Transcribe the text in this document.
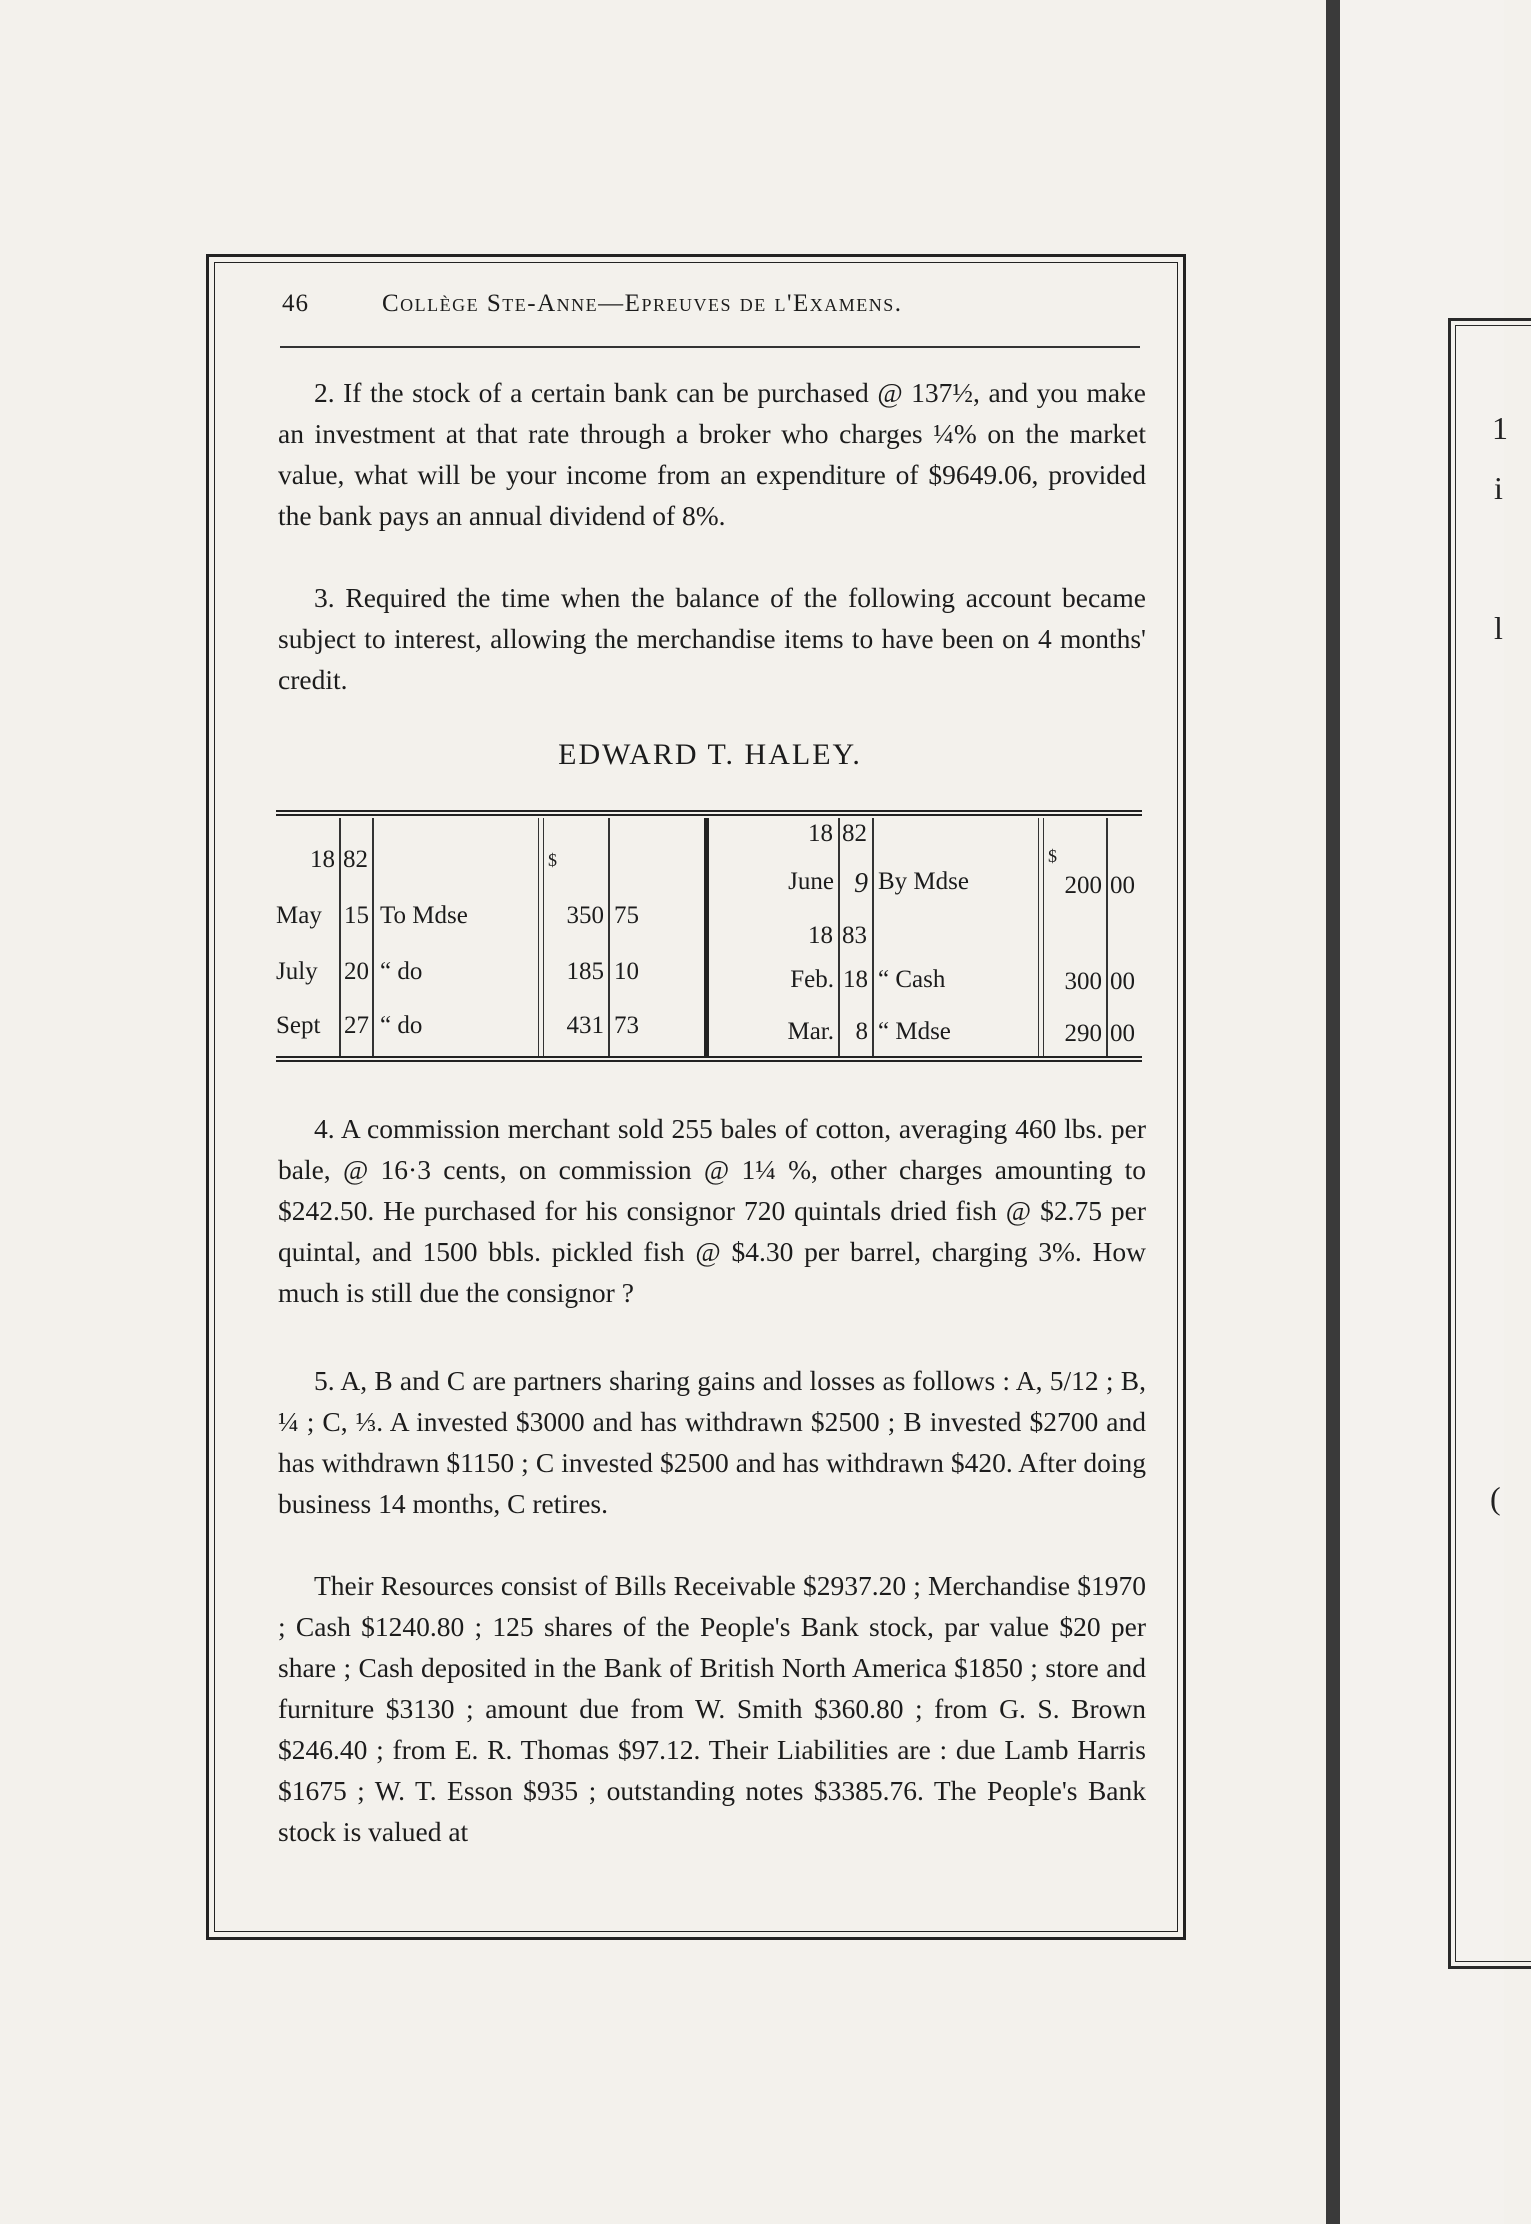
1
i
l
(
46	Collège Ste-Anne—Epreuves de l'Examens.
2. If the stock of a certain bank can be purchased @ 137½, and you make an investment at that rate through a broker who charges ¼% on the market value, what will be your income from an expenditure of $9649.06, provided the bank pays an annual dividend of 8%.
3. Required the time when the balance of the following account became subject to interest, allowing the merchandise items to have been on 4 months' credit.
EDWARD T. HALEY.
18 82	$
May 15 To Mdse	350 75
July 20 “ do	185 10
Sept 27 “ do	431 73
18 82
$
June 9 By Mdse	200 00
18 83
Feb. 18 “ Cash	300 00
Mar. 8 “ Mdse	290 00
4. A commission merchant sold 255 bales of cotton, averaging 460 lbs. per bale, @ 16·3 cents, on commission @ 1¼ %, other charges amounting to $242.50. He purchased for his consignor 720 quintals dried fish @ $2.75 per quintal, and 1500 bbls. pickled fish @ $4.30 per barrel, charging 3%. How much is still due the consignor ?
5. A, B and C are partners sharing gains and losses as follows : A, 5/12 ; B, ¼ ; C, ⅓. A invested $3000 and has withdrawn $2500 ; B invested $2700 and has withdrawn $1150 ; C invested $2500 and has withdrawn $420. After doing business 14 months, C retires.
Their Resources consist of Bills Receivable $2937.20 ; Merchandise $1970 ; Cash $1240.80 ; 125 shares of the People's Bank stock, par value $20 per share ; Cash deposited in the Bank of British North America $1850 ; store and furniture $3130 ; amount due from W. Smith $360.80 ; from G. S. Brown $246.40 ; from E. R. Thomas $97.12. Their Liabilities are : due Lamb Harris $1675 ; W. T. Esson $935 ; outstanding notes $3385.76. The People's Bank stock is valued at
